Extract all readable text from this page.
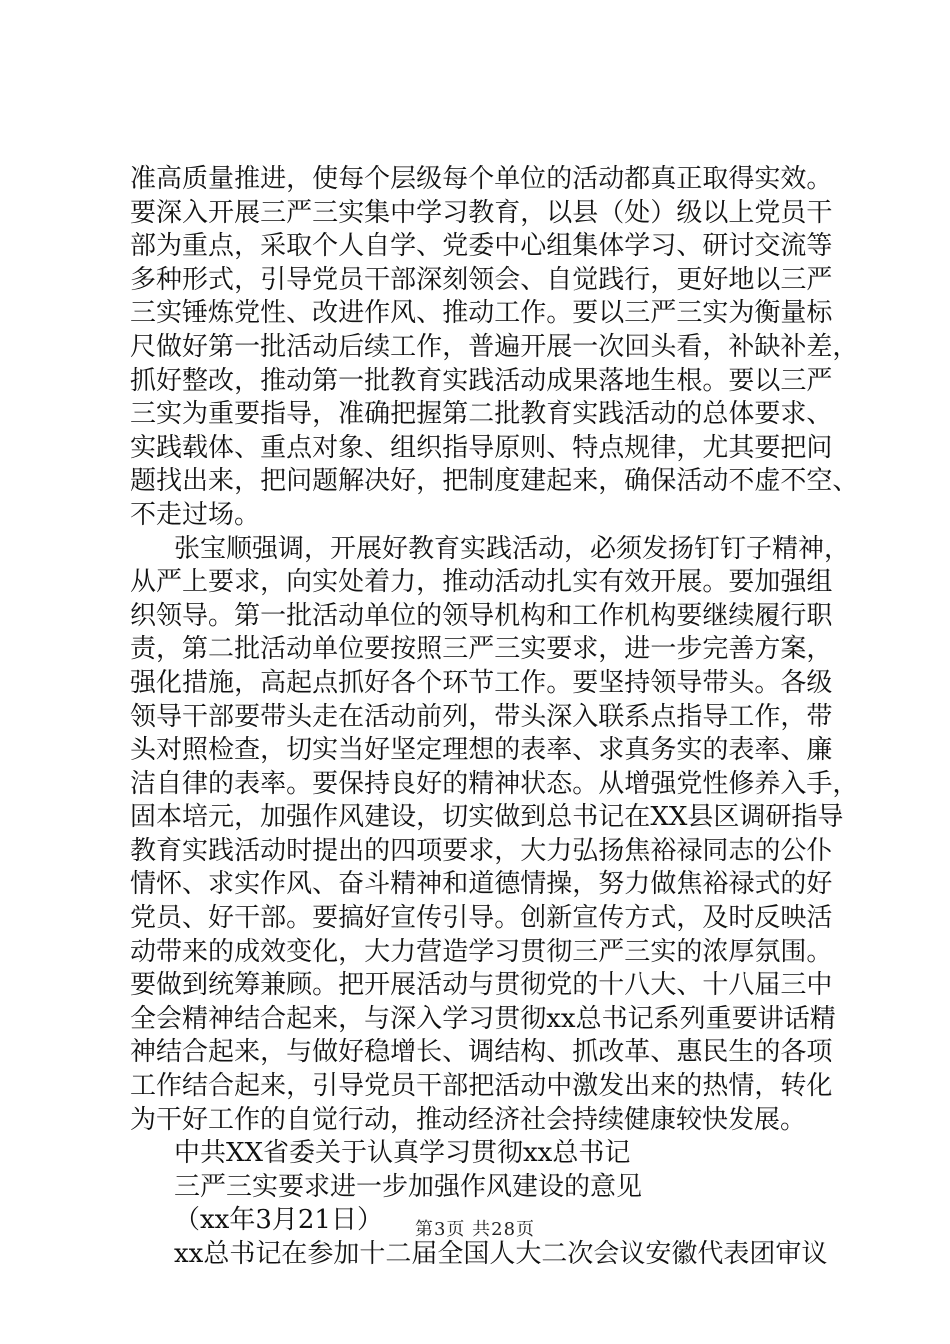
准 高 质 量 推 进 ， 使 每 个 层 级 每 个 单 位 的 活 动 都 真 正 取 得 实 效 。
要 深 入 开 展 三 严 三 实 集 中 学 习 教 育 ， 以 县 （ 处 ） 级 以 上 党 员 干
部 为 重 点 ， 采 取 个 人 自 学 、 党 委 中 心 组 集 体 学 习 、 研 讨 交 流 等
多 种 形 式 ， 引 导 党 员 干 部 深 刻 领 会 、 自 觉 践 行 ， 更 好 地 以 三 严
三 实 锤 炼 党 性 、 改 进 作 风 、 推 动 工 作 。 要 以 三 严 三 实 为 衡 量 标
尺 做 好 第 一 批 活 动 后 续 工 作 ， 普 遍 开 展 一 次 回 头 看 ， 补 缺 补 差 ，
抓 好 整 改 ， 推 动 第 一 批 教 育 实 践 活 动 成 果 落 地 生 根 。 要 以 三 严
三 实 为 重 要 指 导 ， 准 确 把 握 第 二 批 教 育 实 践 活 动 的 总 体 要 求 、
实 践 载 体 、 重 点 对 象 、 组 织 指 导 原 则 、 特 点 规 律 ， 尤 其 要 把 问
题 找 出 来 ， 把 问 题 解 决 好 ， 把 制 度 建 起 来 ， 确 保 活 动 不 虚 不 空 、
不走过场。
张宝顺强调，开展好教育实践活动，必须发扬钉钉子精神，
从 严 上 要 求 ， 向 实 处 着 力 ， 推 动 活 动 扎 实 有 效 开 展 。 要 加 强 组
织 领 导 。 第 一 批 活 动 单 位 的 领 导 机 构 和 工 作 机 构 要 继 续 履 行 职
责 ， 第 二 批 活 动 单 位 要 按 照 三 严 三 实 要 求 ， 进 一 步 完 善 方 案 ，
强 化 措 施 ， 高 起 点 抓 好 各 个 环 节 工 作 。 要 坚 持 领 导 带 头 。 各 级
领 导 干 部 要 带 头 走 在 活 动 前 列 ， 带 头 深 入 联 系 点 指 导 工 作 ， 带
头 对 照 检 查 ， 切 实 当 好 坚 定 理 想 的 表 率 、 求 真 务 实 的 表 率 、 廉
洁 自 律 的 表 率 。 要 保 持 良 好 的 精 神 状 态 。 从 增 强 党 性 修 养 入 手 ，
固 本 培 元 ， 加 强 作 风 建 设 ， 切 实 做 到 总 书 记 在 X X 县 区 调 研 指 导
教 育 实 践 活 动 时 提 出 的 四 项 要 求 ， 大 力 弘 扬 焦 裕 禄 同 志 的 公 仆
情 怀 、 求 实 作 风 、 奋 斗 精 神 和 道 德 情 操 ， 努 力 做 焦 裕 禄 式 的 好
党 员 、 好 干 部 。 要 搞 好 宣 传 引 导 。 创 新 宣 传 方 式 ， 及 时 反 映 活
动 带 来 的 成 效 变 化 ， 大 力 营 造 学 习 贯 彻 三 严 三 实 的 浓 厚 氛 围 。
要 做 到 统 筹 兼 顾 。 把 开 展 活 动 与 贯 彻 党 的 十 八 大 、 十 八 届 三 中
全 会 精 神 结 合 起 来 ， 与 深 入 学 习 贯 彻 x x 总 书 记 系 列 重 要 讲 话 精
神 结 合 起 来 ， 与 做 好 稳 增 长 、 调 结 构 、 抓 改 革 、 惠 民 生 的 各 项
工 作 结 合 起 来 ， 引 导 党 员 干 部 把 活 动 中 激 发 出 来 的 热 情 ， 转 化
为干好工作的自觉行动，推动经济社会持续健康较快发展。
中共XX省委关于认真学习贯彻xx总书记
三严三实要求进一步加强作风建设的意见
（xx年3月21日）
xx总书记在参加十二届全国人大二次会议安徽代表团审议
第3页 共28页
